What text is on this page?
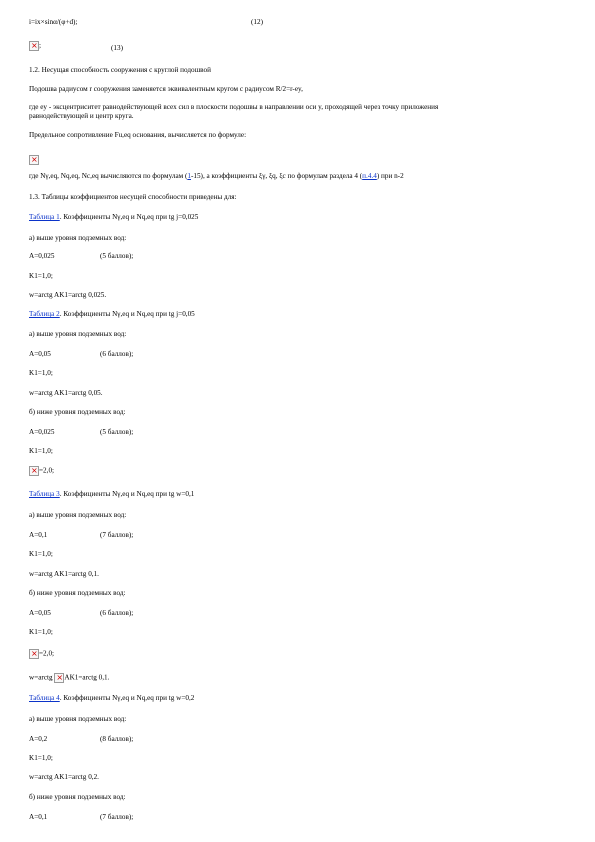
i=ix×sinα/(φ+d);	(12)
×;	(13)
1.2. Несущая способность сооружения с круглой подошвой
Подошва радиусом r сооружения заменяется эквивалентным кругом с радиусом R/2=r-ey,
где ey - эксцентриситет равнодействующей всех сил в плоскости подошвы в направлении оси y, проходящей через точку приложения
равнодействующей и центр круга.
Предельное сопротивление Fu,eq основания, вычисляется по формуле:
×
где Nγ,eq, Nq,eq, Nc,eq вычисляются по формулам (1-15), а коэффициенты ξγ, ξq, ξc по формулам раздела 4 (п.4.4) при n-2
1.3. Таблицы коэффициентов несущей способности приведены для:
Таблица 1. Коэффициенты Nγ,eq и Nq,eq при tg j=0,025
а) выше уровня подземных вод:
A=0,025	(5 баллов);
K1=1,0;
w=arctg AK1=arctg 0,025.
Таблица 2. Коэффициенты Nγ,eq и Nq,eq при tg j=0,05
а) выше уровня подземных вод:
A=0,05	(6 баллов);
K1=1,0;
w=arctg AK1=arctg 0,05.
б) ниже уровня подземных вод:
A=0,025	(5 баллов);
K1=1,0;
×=2,0;
Таблица 3. Коэффициенты Nγ,eq и Nq,eq при tg w=0,1
а) выше уровня подземных вод:
A=0,1	(7 баллов);
K1=1,0;
w=arctg AK1=arctg 0,1.
б) ниже уровня подземных вод:
A=0,05	(6 баллов);
K1=1,0;
×=2,0;
w=arctg ×AK1=arctg 0,1.
Таблица 4. Коэффициенты Nγ,eq и Nq,eq при tg w=0,2
а) выше уровня подземных вод:
A=0,2	(8 баллов);
K1=1,0;
w=arctg AK1=arctg 0,2.
б) ниже уровня подземных вод:
A=0,1	(7 баллов);
